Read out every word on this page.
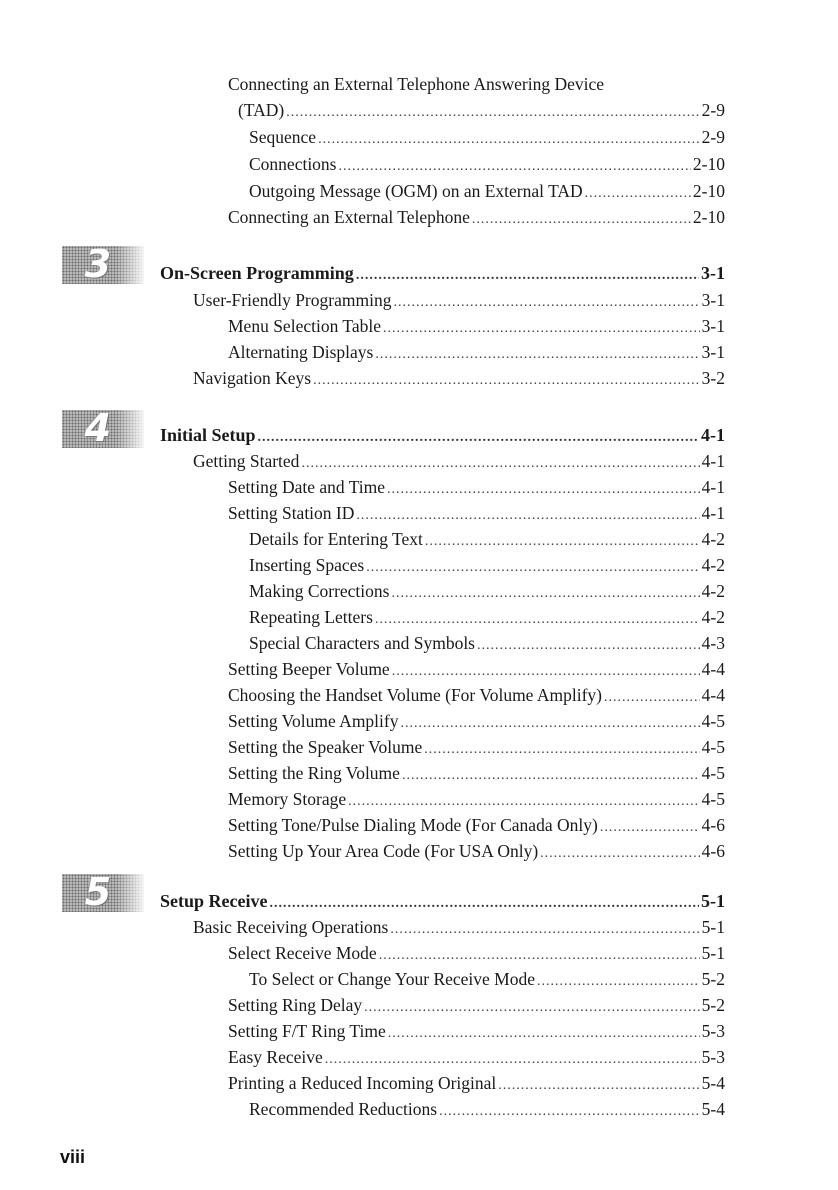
Connecting an External Telephone Answering Device
(TAD) .....	2-9
Sequence .....	2-9
Connections .....	2-10
Outgoing Message (OGM) on an External TAD .....	2-10
Connecting an External Telephone .....	2-10
3	On-Screen Programming .....	3-1
User-Friendly Programming .....	3-1
Menu Selection Table .....	3-1
Alternating Displays .....	3-1
Navigation Keys .....	3-2
4	Initial Setup .....	4-1
Getting Started .....	4-1
Setting Date and Time .....	4-1
Setting Station ID .....	4-1
Details for Entering Text .....	4-2
Inserting Spaces .....	4-2
Making Corrections .....	4-2
Repeating Letters .....	4-2
Special Characters and Symbols .....	4-3
Setting Beeper Volume .....	4-4
Choosing the Handset Volume (For Volume Amplify) .....	4-4
Setting Volume Amplify .....	4-5
Setting the Speaker Volume .....	4-5
Setting the Ring Volume .....	4-5
Memory Storage .....	4-5
Setting Tone/Pulse Dialing Mode (For Canada Only) .....	4-6
Setting Up Your Area Code (For USA Only) .....	4-6
5	Setup Receive .....	5-1
Basic Receiving Operations .....	5-1
Select Receive Mode .....	5-1
To Select or Change Your Receive Mode .....	5-2
Setting Ring Delay .....	5-2
Setting F/T Ring Time .....	5-3
Easy Receive .....	5-3
Printing a Reduced Incoming Original .....	5-4
Recommended Reductions .....	5-4
viii
